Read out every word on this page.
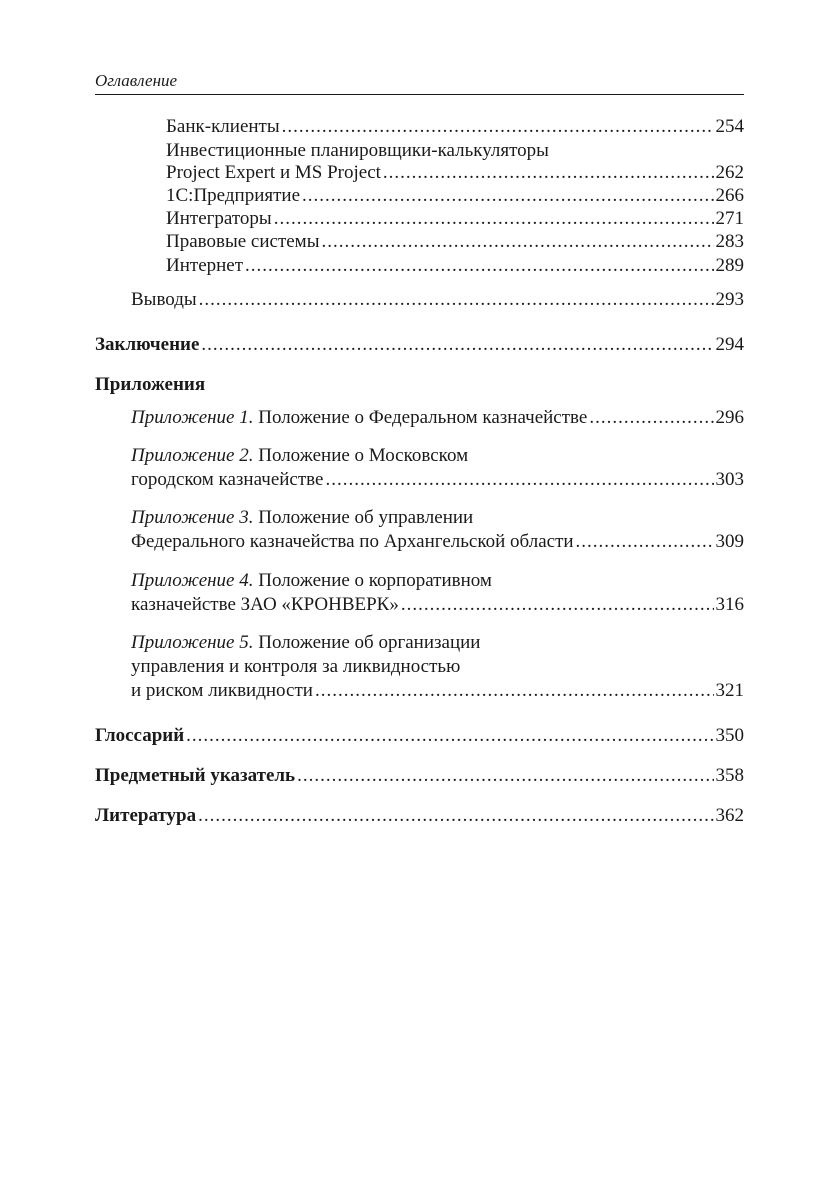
Оглавление
Банк-клиенты .....	254
Инвестиционные планировщики-калькуляторы
Project Expert и MS Project .....	262
1С:Предприятие .....	266
Интеграторы .....	271
Правовые системы .....	283
Интернет .....	289
Выводы .....	293
Заключение .....	294
Приложения
Приложение 1. Положение о Федеральном казначействе .....	296
Приложение 2. Положение о Московском
городском казначействе .....	303
Приложение 3. Положение об управлении
Федерального казначейства по Архангельской области .....	309
Приложение 4. Положение о корпоративном
казначействе ЗАО «КРОНВЕРК» .....	316
Приложение 5. Положение об организации
управления и контроля за ликвидностью
и риском ликвидности .....	321
Глоссарий .....	350
Предметный указатель .....	358
Литература .....	362
